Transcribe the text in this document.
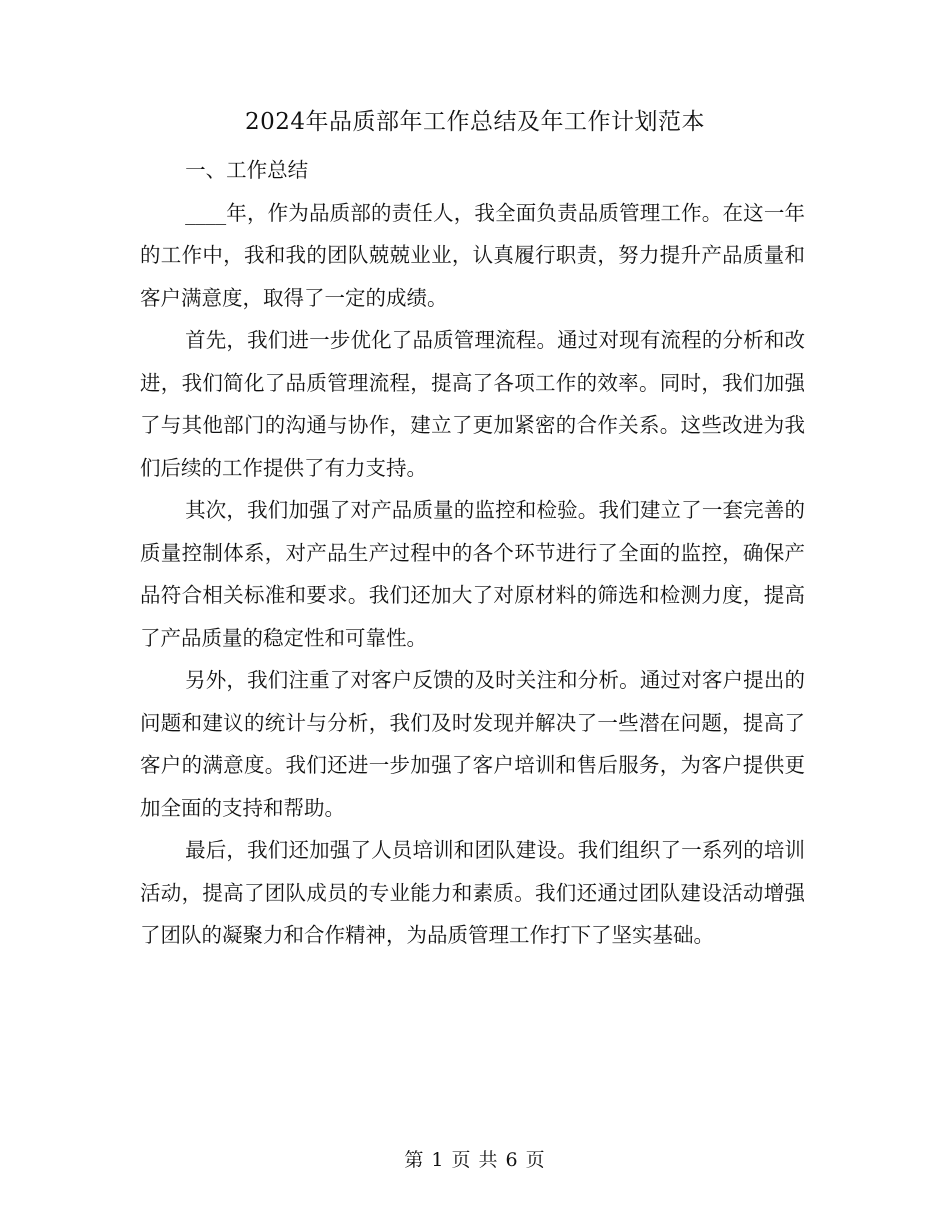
2024年品质部年工作总结及年工作计划范本

一、工作总结

____年，作为品质部的责任人，我全面负责品质管理工作。在这一年的工作中，我和我的团队兢兢业业，认真履行职责，努力提升产品质量和客户满意度，取得了一定的成绩。

首先，我们进一步优化了品质管理流程。通过对现有流程的分析和改进，我们简化了品质管理流程，提高了各项工作的效率。同时，我们加强了与其他部门的沟通与协作，建立了更加紧密的合作关系。这些改进为我们后续的工作提供了有力支持。

其次，我们加强了对产品质量的监控和检验。我们建立了一套完善的质量控制体系，对产品生产过程中的各个环节进行了全面的监控，确保产品符合相关标准和要求。我们还加大了对原材料的筛选和检测力度，提高了产品质量的稳定性和可靠性。

另外，我们注重了对客户反馈的及时关注和分析。通过对客户提出的问题和建议的统计与分析，我们及时发现并解决了一些潜在问题，提高了客户的满意度。我们还进一步加强了客户培训和售后服务，为客户提供更加全面的支持和帮助。

最后，我们还加强了人员培训和团队建设。我们组织了一系列的培训活动，提高了团队成员的专业能力和素质。我们还通过团队建设活动增强了团队的凝聚力和合作精神，为品质管理工作打下了坚实基础。

第 1 页 共 6 页
